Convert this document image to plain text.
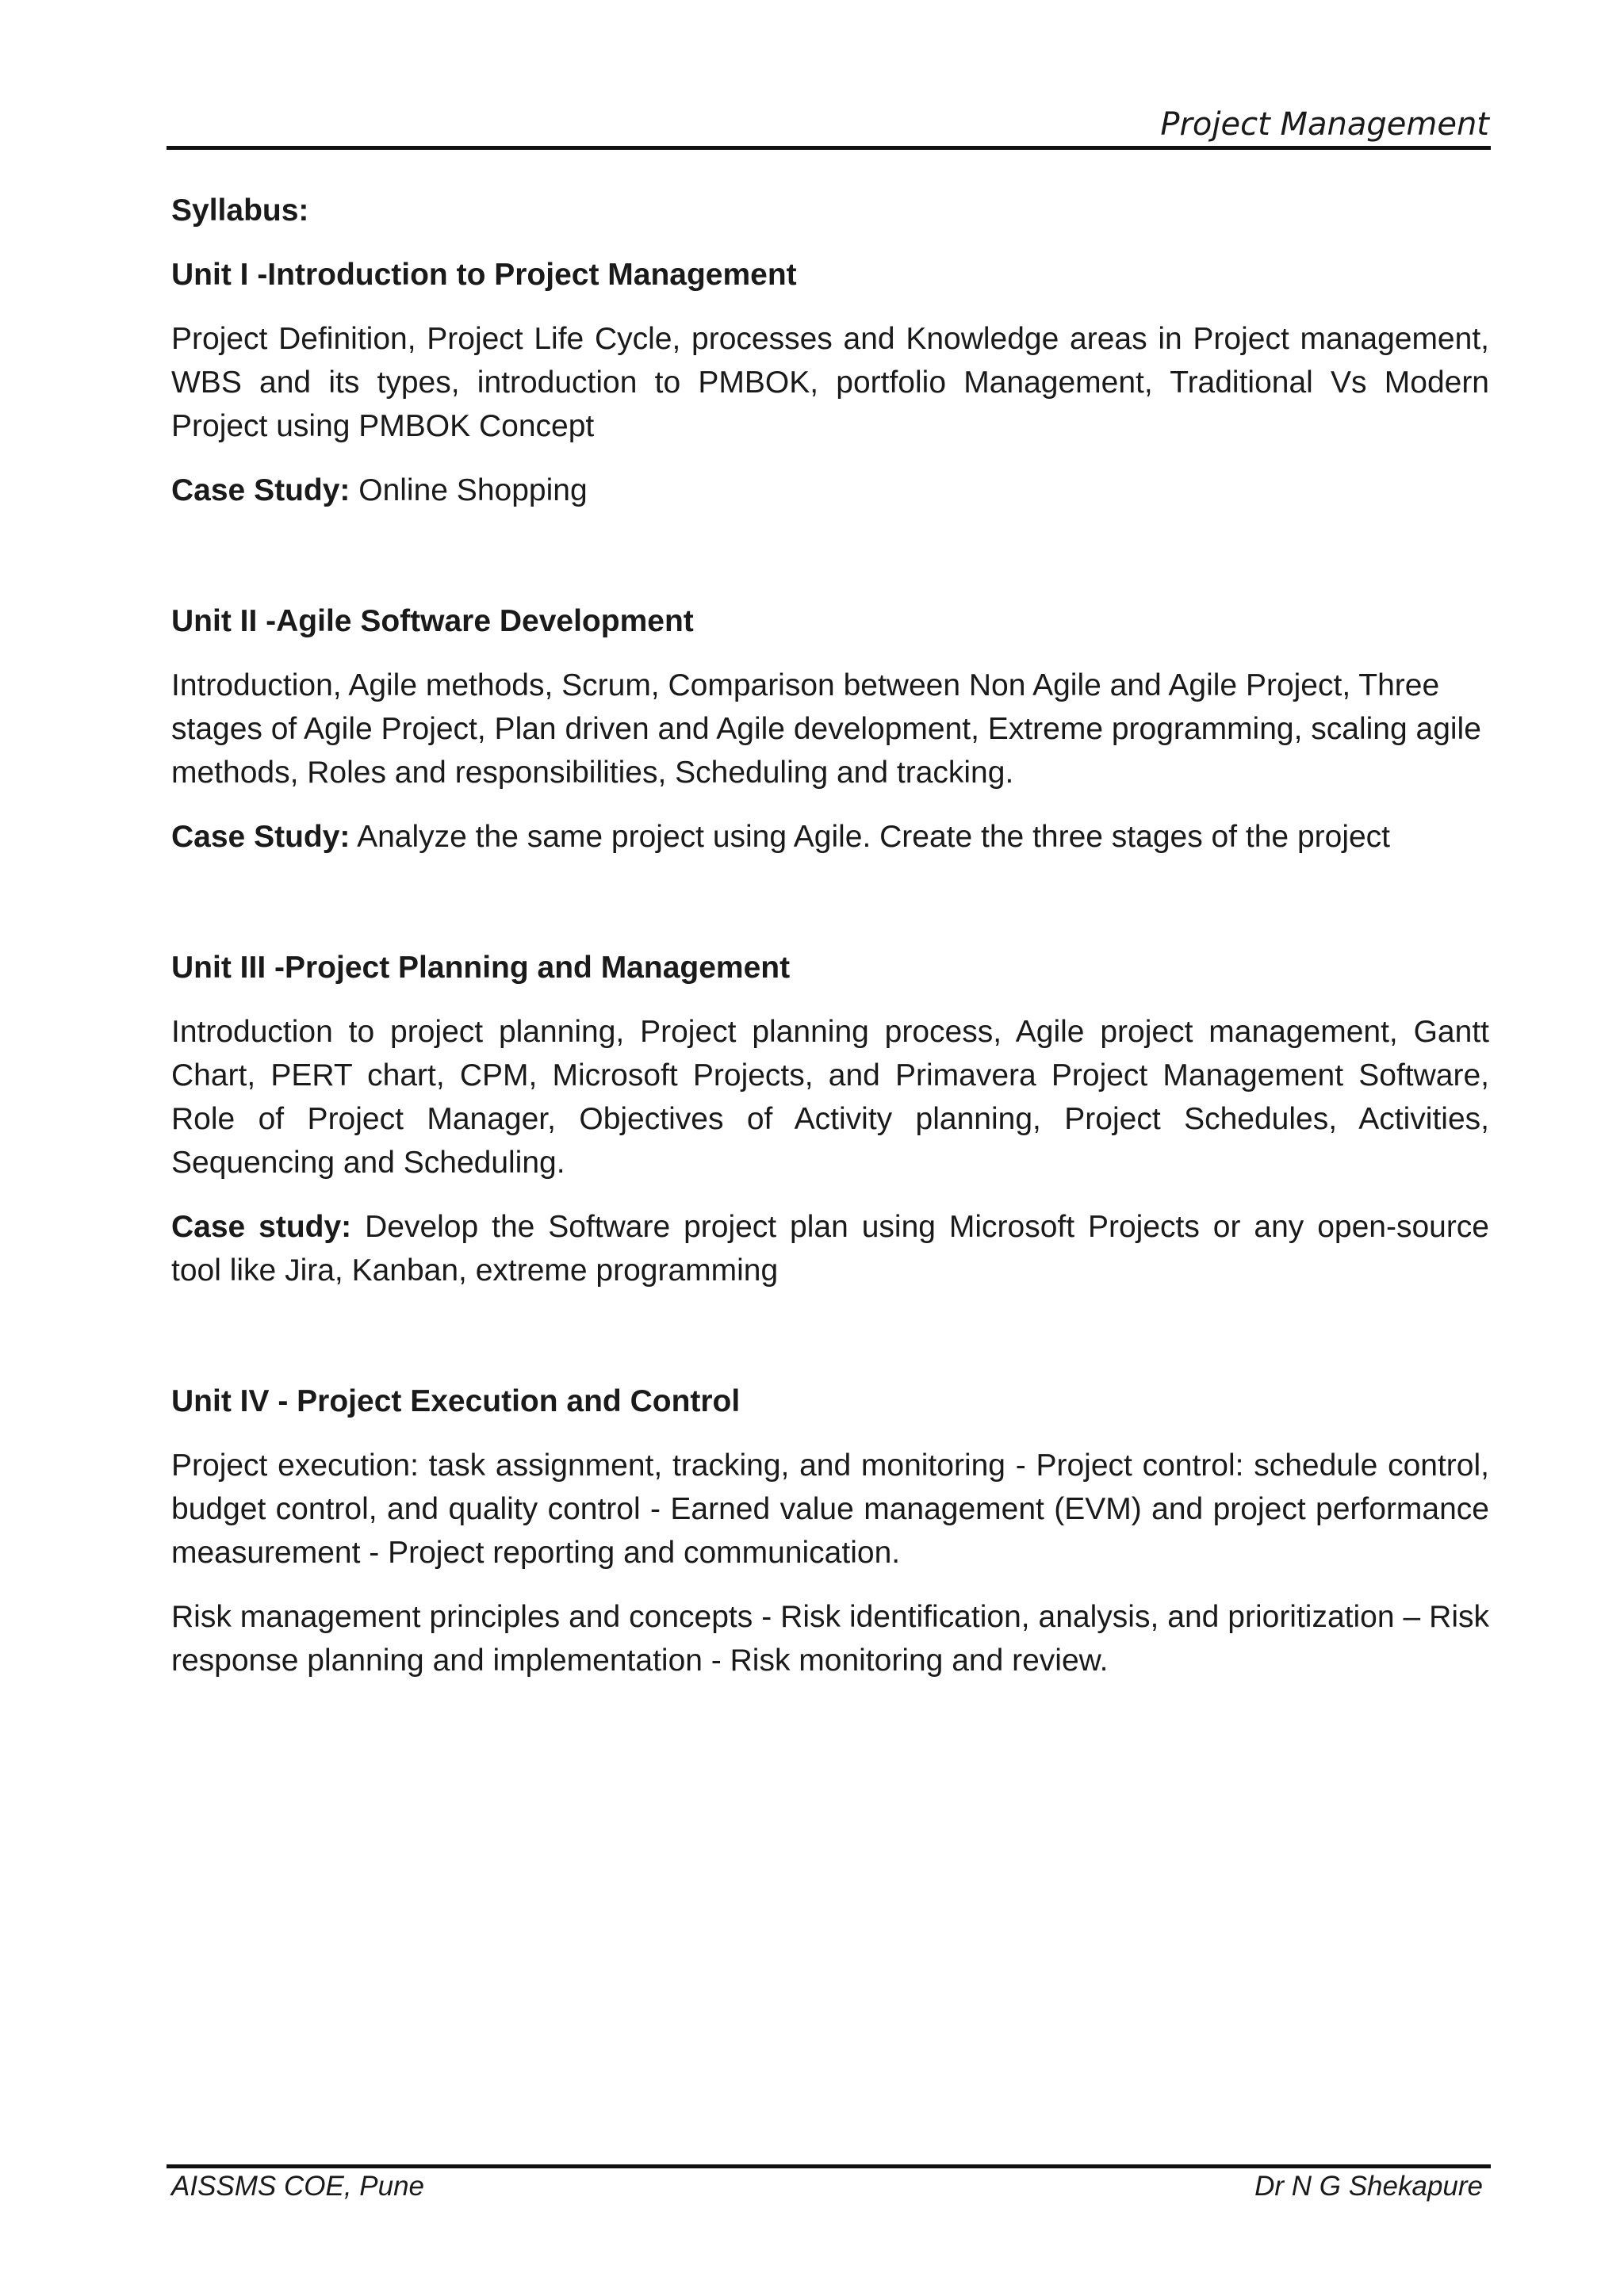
Project Management
Syllabus:
Unit I -Introduction to Project Management
Project Definition, Project Life Cycle, processes and Knowledge areas in Project management, WBS and its types, introduction to PMBOK, portfolio Management, Traditional Vs Modern Project using PMBOK Concept
Case Study: Online Shopping
Unit II -Agile Software Development
Introduction, Agile methods, Scrum, Comparison between Non Agile and Agile Project, Three stages of Agile Project, Plan driven and Agile development, Extreme programming, scaling agile methods, Roles and responsibilities, Scheduling and tracking.
Case Study: Analyze the same project using Agile. Create the three stages of the project
Unit III -Project Planning and Management
Introduction to project planning, Project planning process, Agile project management, Gantt Chart, PERT chart, CPM, Microsoft Projects, and Primavera Project Management Software, Role of Project Manager, Objectives of Activity planning, Project Schedules, Activities, Sequencing and Scheduling.
Case study: Develop the Software project plan using Microsoft Projects or any open-source tool like Jira, Kanban, extreme programming
Unit IV - Project Execution and Control
Project execution: task assignment, tracking, and monitoring - Project control: schedule control, budget control, and quality control - Earned value management (EVM) and project performance measurement - Project reporting and communication.
Risk management principles and concepts - Risk identification, analysis, and prioritization – Risk response planning and implementation - Risk monitoring and review.
AISSMS COE, Pune	Dr N G Shekapure
